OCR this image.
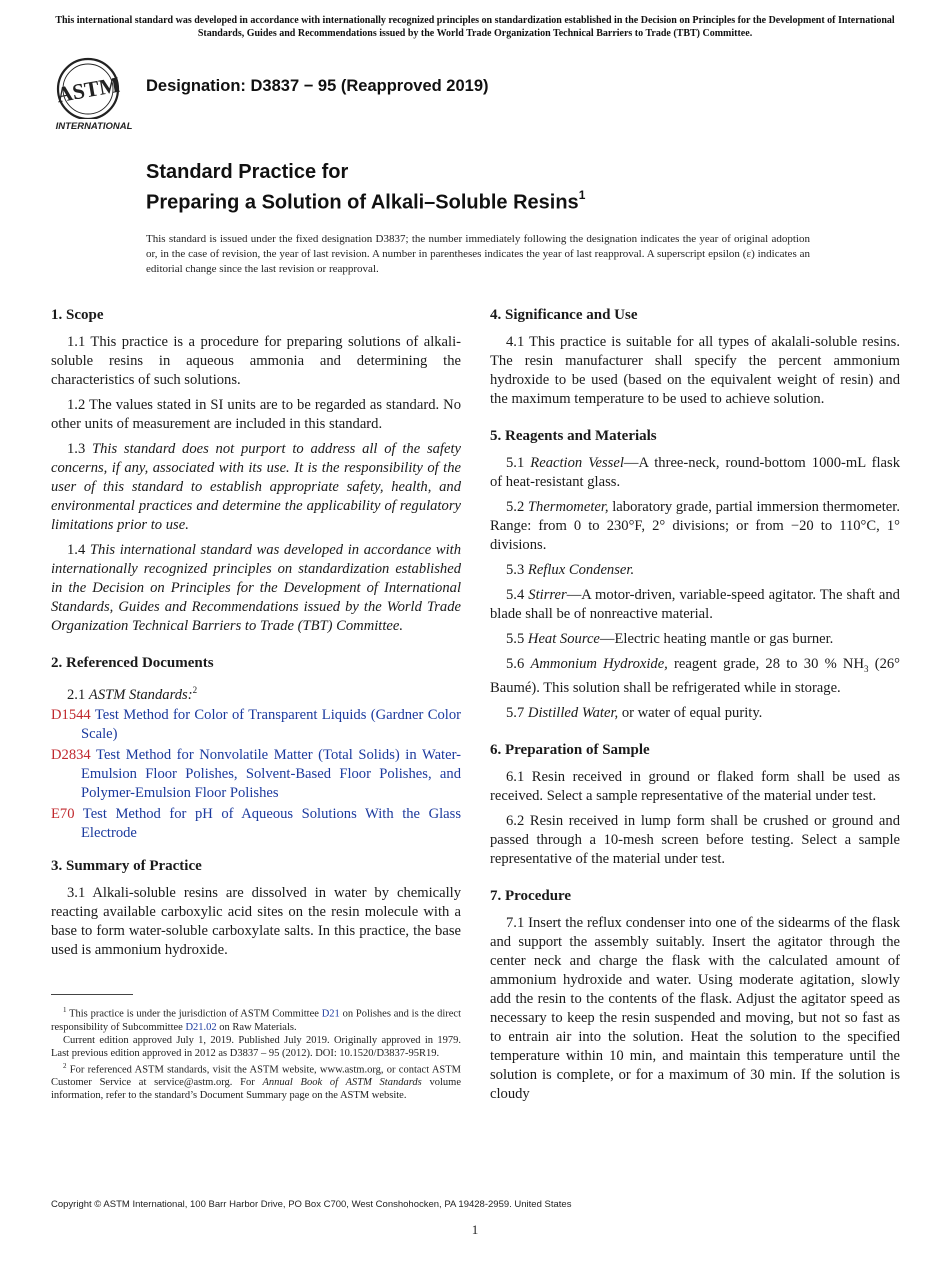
This international standard was developed in accordance with internationally recognized principles on standardization established in the Decision on Principles for the Development of International Standards, Guides and Recommendations issued by the World Trade Organization Technical Barriers to Trade (TBT) Committee.
ASTM
INTERNATIONAL
Designation: D3837 − 95 (Reapproved 2019)
Standard Practice for
Preparing a Solution of Alkali–Soluble Resins$^1$
This standard is issued under the fixed designation D3837; the number immediately following the designation indicates the year of original adoption or, in the case of revision, the year of last revision. A number in parentheses indicates the year of last reapproval. A superscript epsilon (ε) indicates an editorial change since the last revision or reapproval.
1. Scope

1.1 This practice is a procedure for preparing solutions of alkali-soluble resins in aqueous ammonia and determining the characteristics of such solutions.

1.2 The values stated in SI units are to be regarded as standard. No other units of measurement are included in this standard.

1.3 This standard does not purport to address all of the safety concerns, if any, associated with its use. It is the responsibility of the user of this standard to establish appropriate safety, health, and environmental practices and determine the applicability of regulatory limitations prior to use.

1.4 This international standard was developed in accordance with internationally recognized principles on standardization established in the Decision on Principles for the Development of International Standards, Guides and Recommendations issued by the World Trade Organization Technical Barriers to Trade (TBT) Committee.

2. Referenced Documents

2.1 ASTM Standards:$^2$

D1544 Test Method for Color of Transparent Liquids (Gardner Color Scale)
D2834 Test Method for Nonvolatile Matter (Total Solids) in Water-Emulsion Floor Polishes, Solvent-Based Floor Polishes, and Polymer-Emulsion Floor Polishes
E70 Test Method for pH of Aqueous Solutions With the Glass Electrode
3. Summary of Practice

3.1 Alkali-soluble resins are dissolved in water by chemically reacting available carboxylic acid sites on the resin molecule with a base to form water-soluble carboxylate salts. In this practice, the base used is ammonium hydroxide.

4. Significance and Use

4.1 This practice is suitable for all types of akalali-soluble resins. The resin manufacturer shall specify the percent ammonium hydroxide to be used (based on the equivalent weight of resin) and the maximum temperature to be used to achieve solution.

5. Reagents and Materials

5.1 Reaction Vessel—A three-neck, round-bottom 1000-mL flask of heat-resistant glass.

5.2 Thermometer, laboratory grade, partial immersion thermometer. Range: from 0 to 230°F, 2° divisions; or from −20 to 110°C, 1° divisions.

5.3 Reflux Condenser.

5.4 Stirrer—A motor-driven, variable-speed agitator. The shaft and blade shall be of nonreactive material.

5.5 Heat Source—Electric heating mantle or gas burner.

5.6 Ammonium Hydroxide, reagent grade, 28 to 30 % $NH_3$ (26° Baumé). This solution shall be refrigerated while in storage.

5.7 Distilled Water, or water of equal purity.

6. Preparation of Sample

6.1 Resin received in ground or flaked form shall be used as received. Select a sample representative of the material under test.

6.2 Resin received in lump form shall be crushed or ground and passed through a 10-mesh screen before testing. Select a sample representative of the material under test.

7. Procedure

7.1 Insert the reflux condenser into one of the sidearms of the flask and support the assembly suitably. Insert the agitator through the center neck and charge the flask with the calculated amount of ammonium hydroxide and water. Using moderate agitation, slowly add the resin to the contents of the flask. Adjust the agitator speed as necessary to keep the resin suspended and moving, but not so fast as to entrain air into the solution. Heat the solution to the specified temperature within 10 min, and maintain this temperature until the solution is complete, or for a maximum of 30 min. If the solution is cloudy

$^1$ This practice is under the jurisdiction of ASTM Committee D21 on Polishes and is the direct responsibility of Subcommittee D21.02 on Raw Materials.

Current edition approved July 1, 2019. Published July 2019. Originally approved in 1979. Last previous edition approved in 2012 as D3837 – 95 (2012). DOI: 10.1520/D3837-95R19.

$^2$ For referenced ASTM standards, visit the ASTM website, www.astm.org, or contact ASTM Customer Service at service@astm.org. For Annual Book of ASTM Standards volume information, refer to the standard’s Document Summary page on the ASTM website.

Copyright © ASTM International, 100 Barr Harbor Drive, PO Box C700, West Conshohocken, PA 19428-2959. United States
1
